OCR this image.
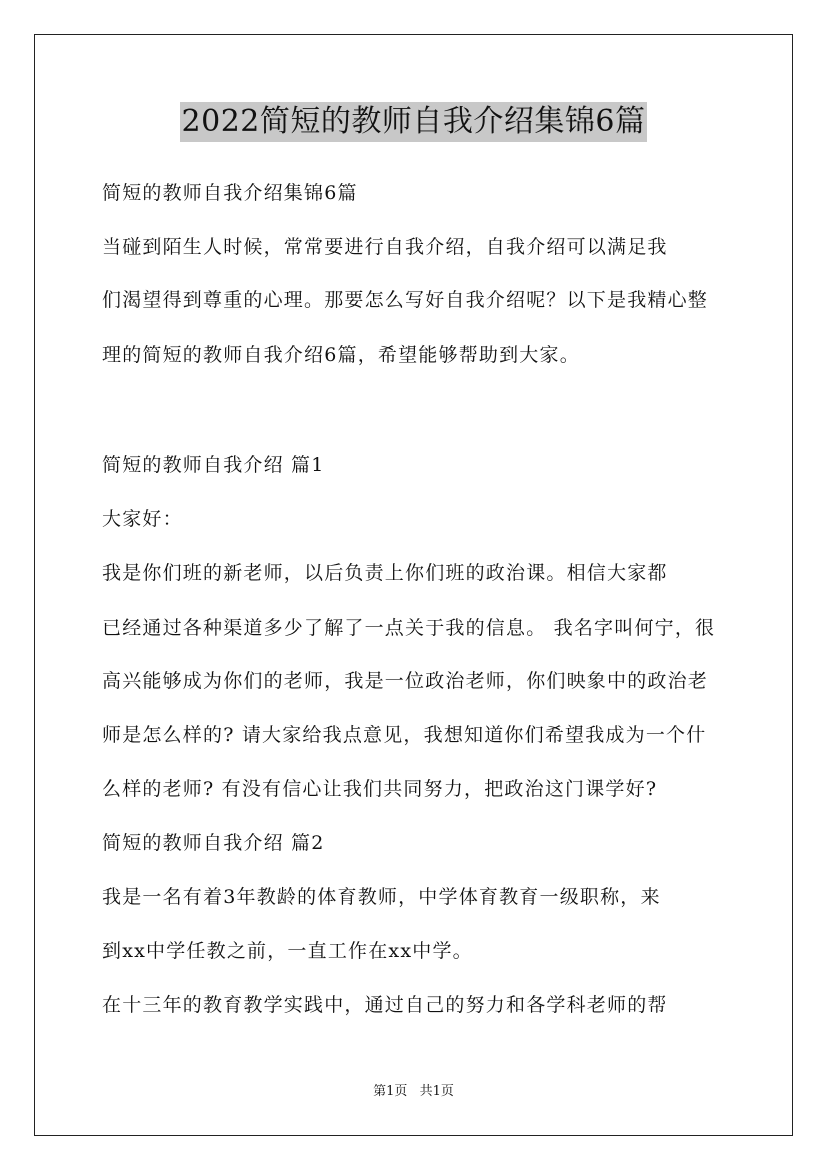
2022简短的教师自我介绍集锦6篇
简短的教师自我介绍集锦6篇
当碰到陌生人时候，常常要进行自我介绍，自我介绍可以满足我
们渴望得到尊重的心理。那要怎么写好自我介绍呢？以下是我精心整
理的简短的教师自我介绍6篇，希望能够帮助到大家。
简短的教师自我介绍 篇1
大家好：
我是你们班的新老师，以后负责上你们班的政治课。相信大家都
已经通过各种渠道多少了解了一点关于我的信息。 我名字叫何宁，很
高兴能够成为你们的老师，我是一位政治老师，你们映象中的政治老
师是怎么样的? 请大家给我点意见，我想知道你们希望我成为一个什
么样的老师? 有没有信心让我们共同努力，把政治这门课学好?
简短的教师自我介绍 篇2
我是一名有着3年教龄的体育教师，中学体育教育一级职称，来
到xx中学任教之前，一直工作在xx中学。
在十三年的教育教学实践中，通过自己的努力和各学科老师的帮
第1页 共1页
